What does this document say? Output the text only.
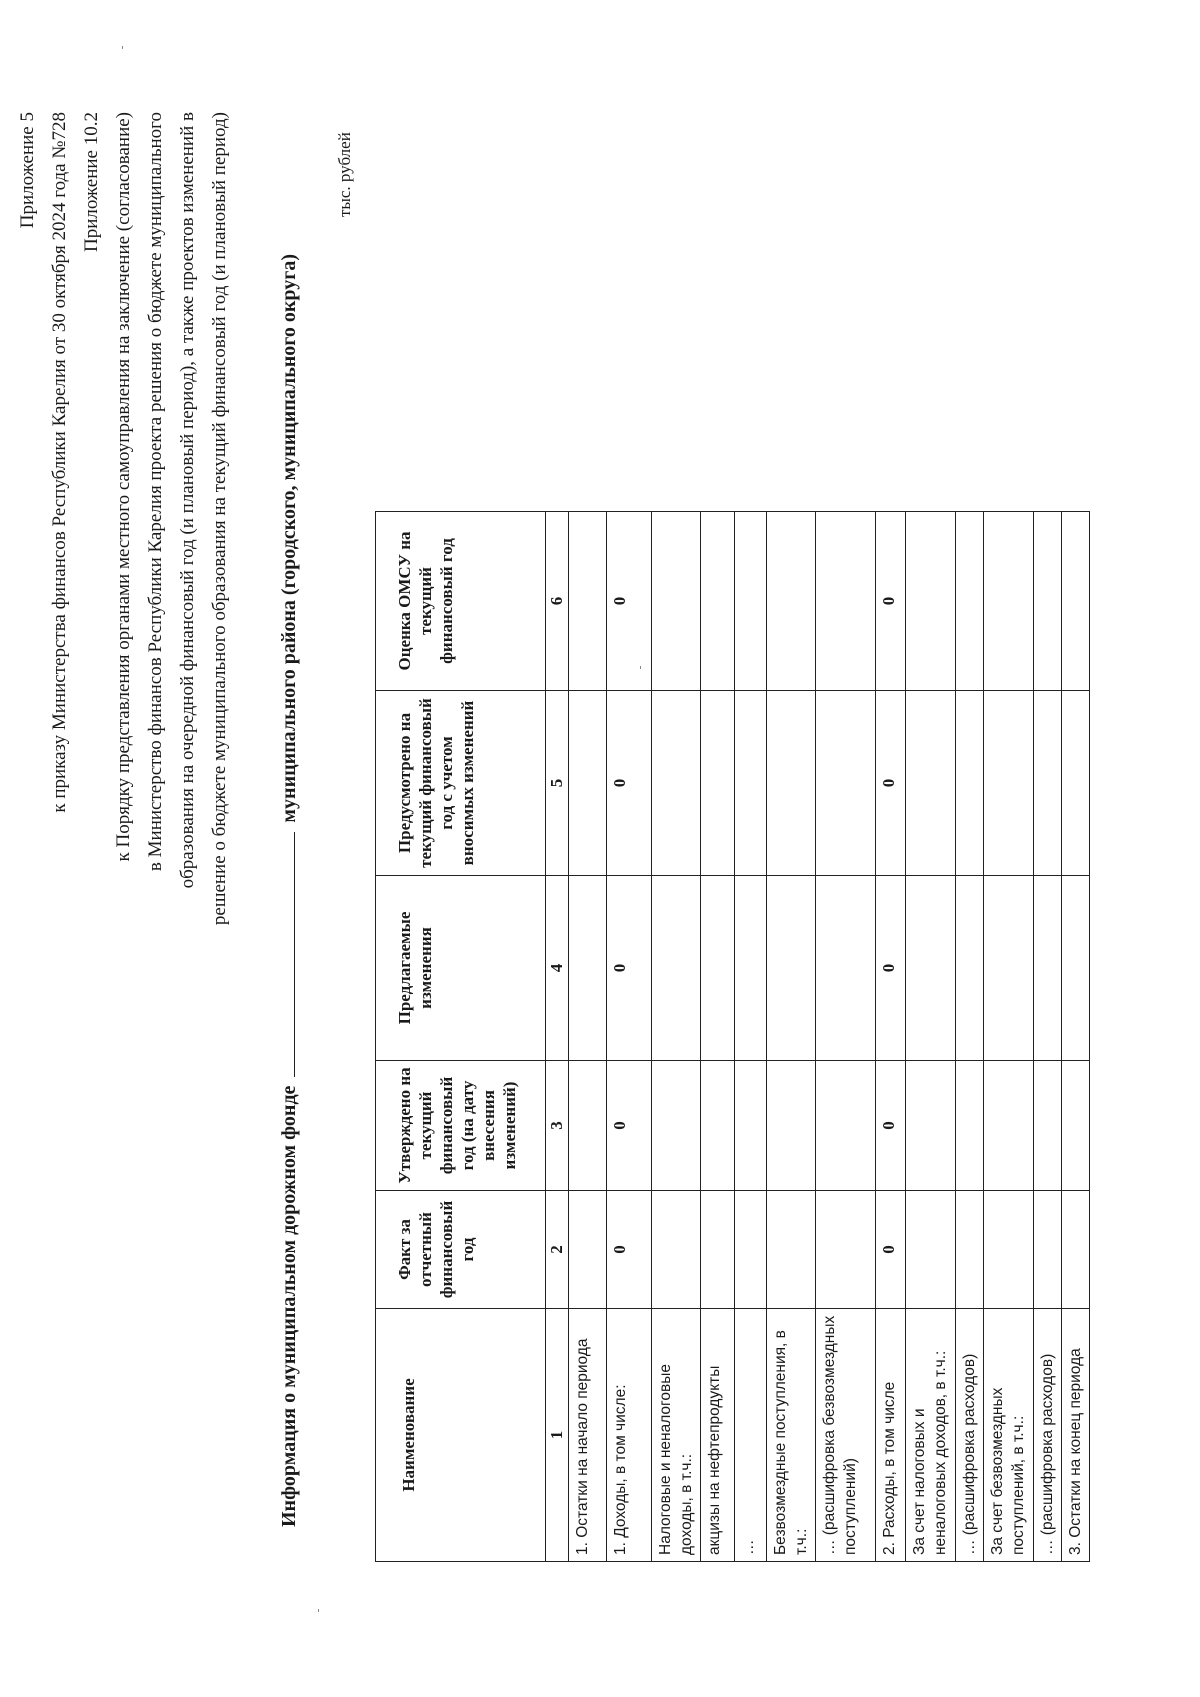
Приложение 5 к приказу Министерства финансов Республики Карелия от 30 октября 2024 года №728 Приложение 10.2 к Порядку представления органами местного самоуправления на заключение (согласование) в Министерство финансов Республики Карелия проекта решения о бюджете муниципального образования на очередной финансовый год (и плановый период), а также проектов изменений в решение о бюджете муниципального образования на текущий финансовый год (и плановый период)
Информация о муниципальном дорожном фонде  муниципального района (городского, муниципального округа)
тыс. рублей
Наименование	Факт за отчетный финансовый год	Утверждено на текущий финансовый год (на дату внесения изменений)	Предлагаемые изменения	Предусмотрено на текущий финансовый год с учетом вносимых изменений	Оценка ОМСУ на текущий финансовый год
1	2	3	4	5	6
1. Остатки на начало периода					
1. Доходы, в том числе:	0	0	0	0	0
Налоговые и неналоговые доходы, в т.ч.:					
акцизы на нефтепродукты					
…					
Безвозмездные поступления, в т.ч.:					
… (расшифровка безвозмездных поступлений)					
2. Расходы, в том числе	0	0	0	0	0
За счет налоговых и неналоговых доходов, в т.ч.:					
… (расшифровка расходов)					
За счет безвозмездных поступлений, в т.ч.:					
… (расшифровка расходов)					
3. Остатки на конец периода					
